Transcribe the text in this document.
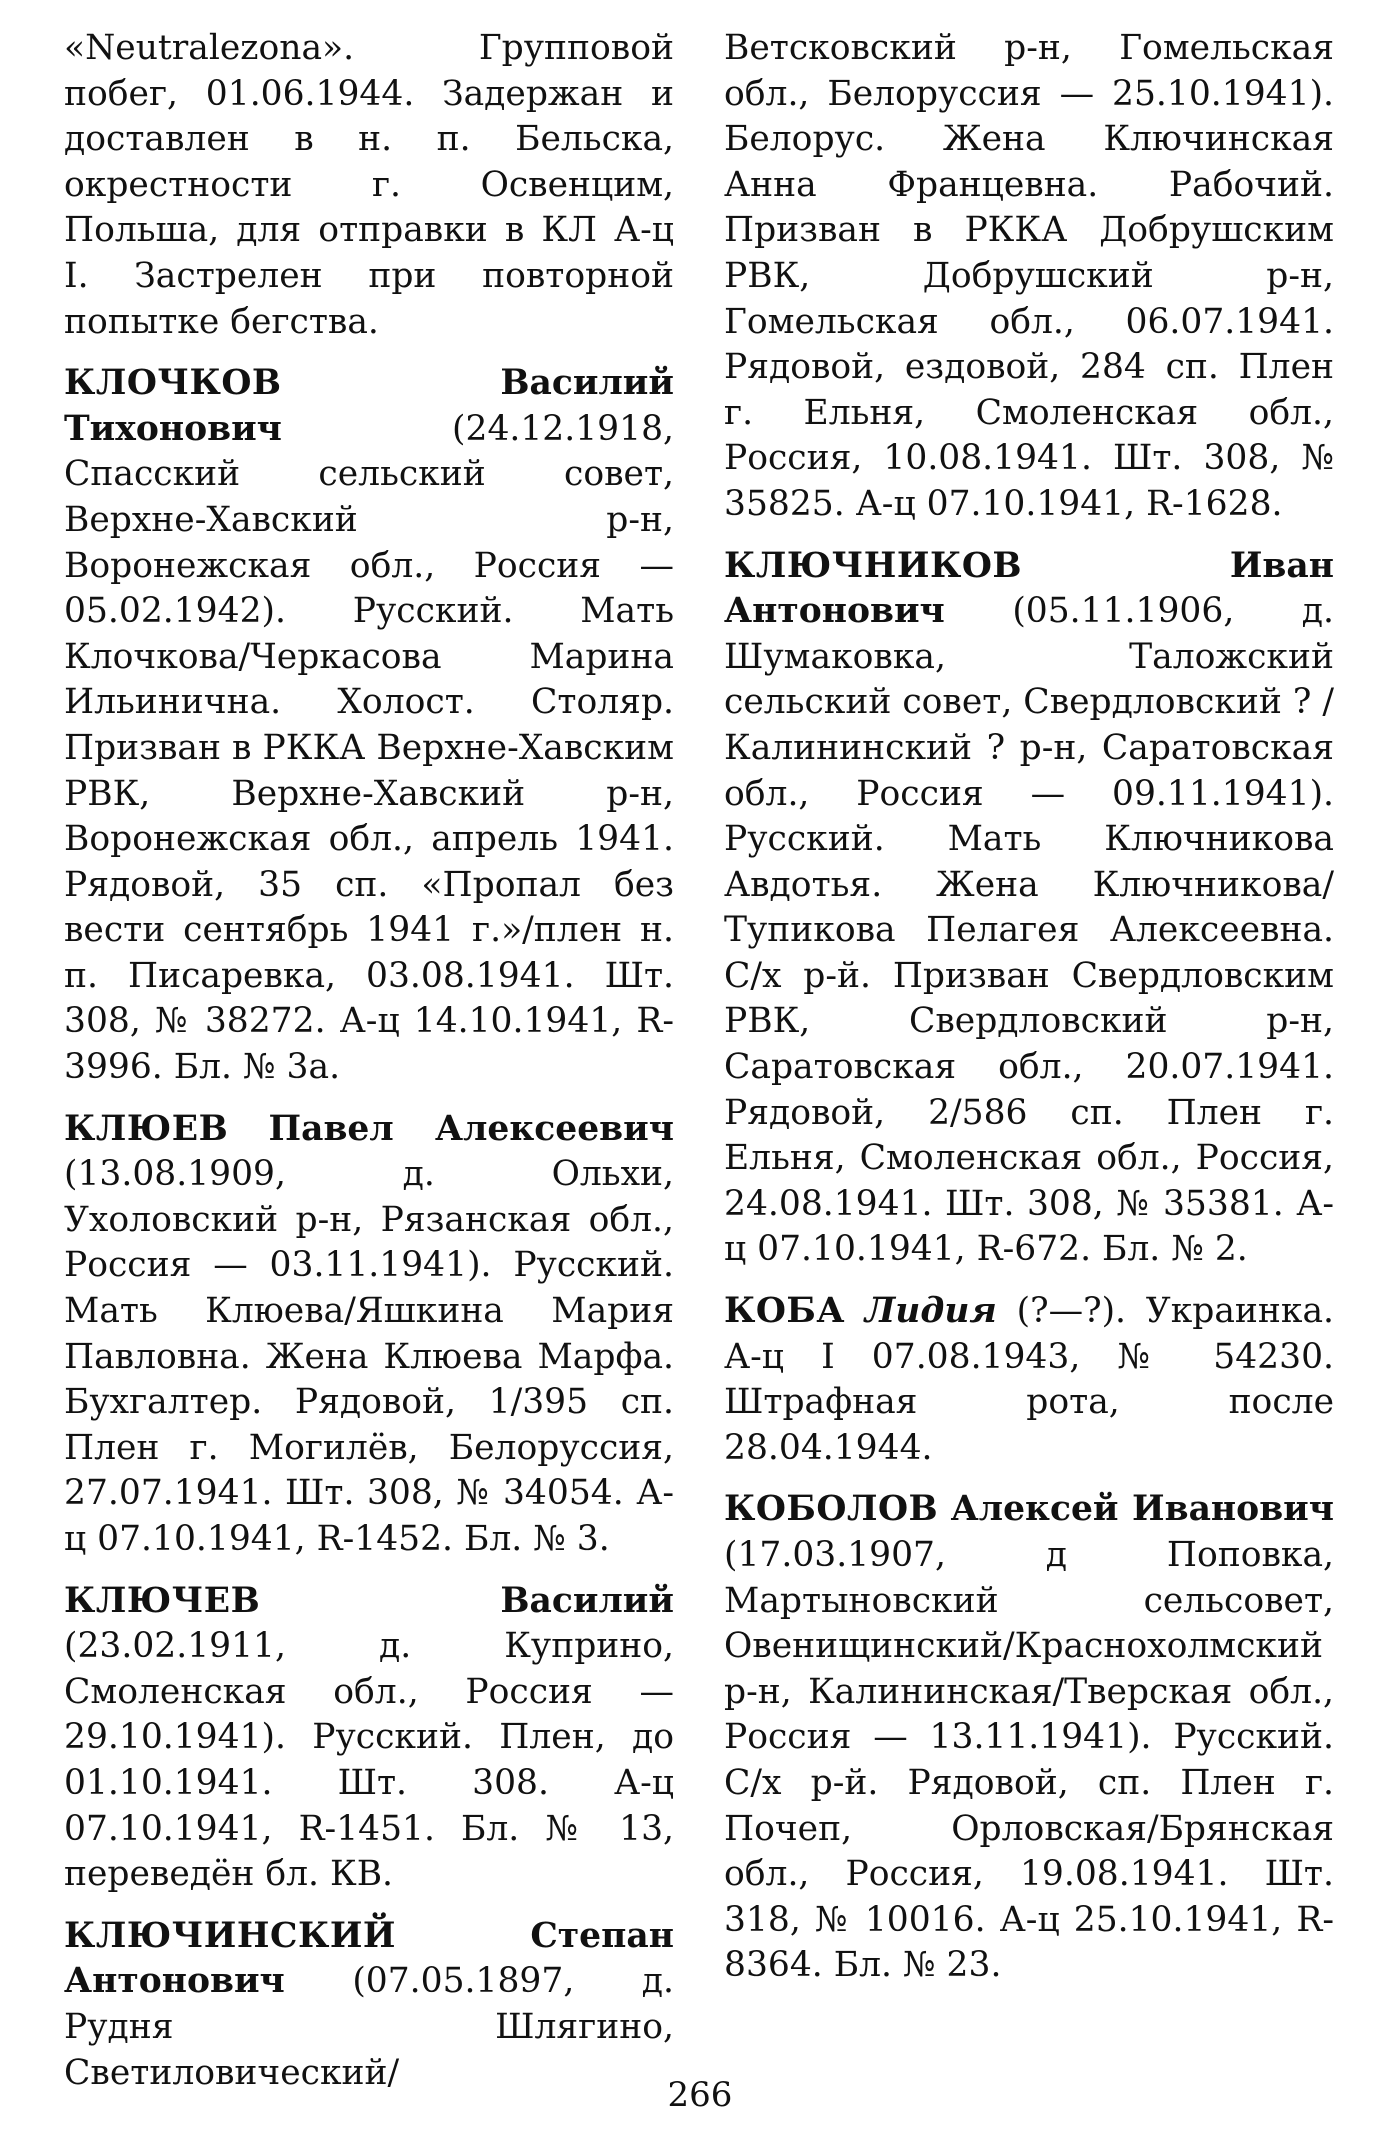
«Neutralezona». Групповой побег, 01.06.1944. Задержан и доставлен в н. п. Бельска, окрестности г. Освенцим, Польша, для отправки в КЛ А-ц I. Застрелен при повторной попытке бегства.

КЛОЧКОВ	Василий Тихонович (24.12.1918, Спасский сельский совет, Верхне-Хавский р-н, Воронежская обл., Россия — 05.02.1942). Русский. Мать Клочкова/Черкасова Марина Ильинична. Холост. Столяр. Призван в РККА Верхне-Хавским РВК, Верхне-Хавский р-н, Воронежская обл., апрель 1941. Рядовой, 35 сп. «Пропал без вести сентябрь 1941 г.»/плен н. п. Писаревка, 03.08.1941. Шт. 308, № 38272. А-ц 14.10.1941, R-3996. Бл. № 3а.

КЛЮЕВ Павел Алексеевич (13.08.1909, д. Ольхи, Ухоловский р-н, Рязанская обл., Россия — 03.11.1941). Русский. Мать Клюева/Яшкина Мария Павловна. Жена Клюева Марфа. Бухгалтер. Рядовой, 1/395 сп. Плен г. Могилёв, Белоруссия, 27.07.1941. Шт. 308, № 34054. А-ц 07.10.1941, R-1452. Бл. № 3.

КЛЮЧЕВ	Василий (23.02.1911, д. Куприно, Смоленская обл., Россия — 29.10.1941). Русский. Плен, до 01.10.1941. Шт. 308. А-ц 07.10.1941, R-1451. Бл. № 13, переведён бл. КВ.

КЛЮЧИНСКИЙ	Степан Антонович (07.05.1897, д. Рудня Шлягино, Светиловический/

Ветсковский р-н, Гомельская обл., Белоруссия — 25.10.1941). Белорус. Жена Ключинская Анна Францевна. Рабочий. Призван в РККА Добрушским РВК, Добрушский р-н, Гомельская обл., 06.07.1941. Рядовой, ездовой, 284 сп. Плен г. Ельня, Смоленская обл., Россия, 10.08.1941. Шт. 308, № 35825. А-ц 07.10.1941, R-1628.

КЛЮЧНИКОВ	Иван Антонович (05.11.1906, д. Шумаковка, Таложский сельский совет, Свердловский ? / Калининский ? р-н, Саратовская обл., Россия — 09.11.1941). Русский. Мать Ключникова Авдотья. Жена Ключникова/Тупикова Пелагея Алексеевна. С/х р-й. Призван Свердловским РВК, Свердловский р-н, Саратовская обл., 20.07.1941. Рядовой, 2/586 сп. Плен г. Ельня, Смоленская обл., Россия, 24.08.1941. Шт. 308, № 35381. А-ц 07.10.1941, R-672. Бл. № 2.

КОБА Лидия (?—?). Украинка. А-ц I 07.08.1943, № 54230. Штрафная рота, после 28.04.1944.

КОБОЛОВ Алексей Иванович (17.03.1907, д Поповка, Мартыновский сельсовет, Овенищинский/Краснохолмский р-н, Калининская/Тверская обл., Россия — 13.11.1941). Русский. С/х р-й. Рядовой, сп. Плен г. Почеп, Орловская/Брянская обл., Россия, 19.08.1941. Шт. 318, № 10016. А-ц 25.10.1941, R-8364. Бл. № 23.

266
